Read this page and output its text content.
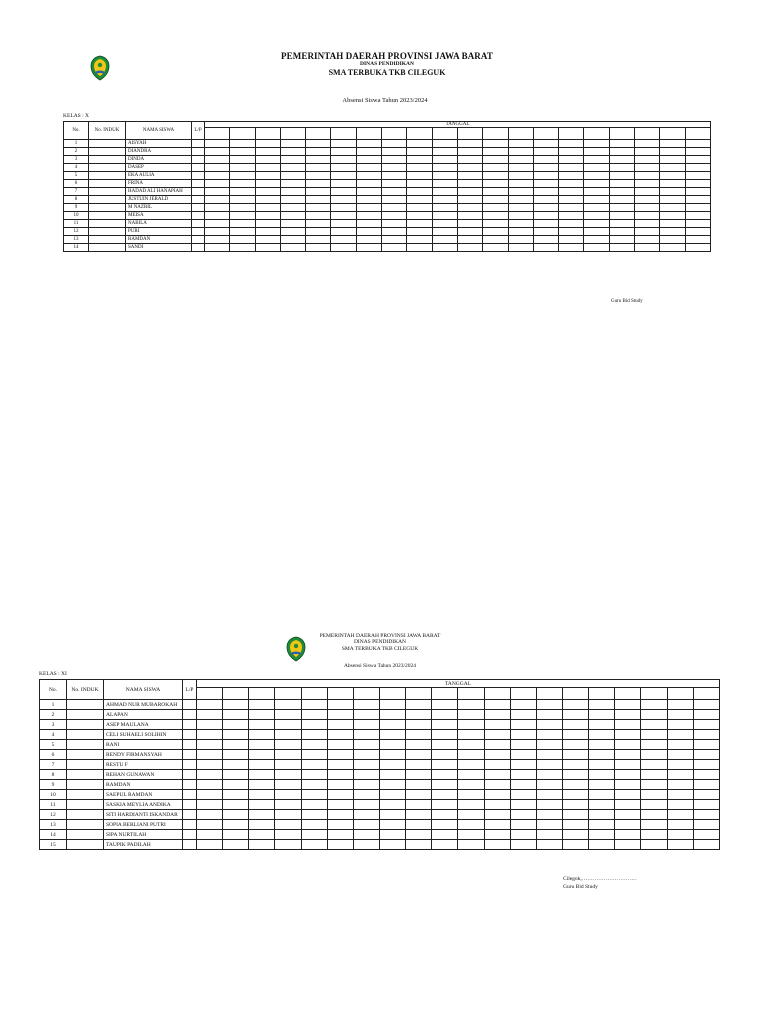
PEMERINTAH DAERAH PROVINSI JAWA BARAT
DINAS PENDIDIKAN
SMA TERBUKA TKB CILEGUK
Absensi Siswa Tahun 2023/2024
KELAS : X
No.	No. INDUK	NAMA SISWA	L/P	TANGGAL																			

1		AISYAH																					
2		DIANDRA																					
3		DINDA																					
4		DASEP																					
5		EKA AULIA																					
6		FRINA																					
7		HADAD ALI HANAPIAH																					
8		JUSTUIN JERALD																					
9		M NAZRIL																					
10		MEISA																					
11		NABILA																					
12		PURI																					
13		RAMDAN																					
14		SANDI																					
Guru Bid Study
PEMERINTAH DAERAH PROVINSI JAWA BARAT
DINAS PENDIDIKAN
SMA TERBUKA TKB CILEGUK
Absensi Siswa Tahun 2023/2024
KELAS : XI
No.	No. INDUK	NAMA SISWA	L/P	TANGGAL																			

1		AHMAD NUR MUBAROKAH																					
2		ALAPAN																					
3		ASEP MAULANA																					
4		CELI SUHAELI SOLIHIN																					
5		RANI																					
6		RENDY FIRMANSYAH																					
7		RESTU F																					
8		REHAN GUNAWAN																					
9		RAMDAN																					
10		SAEPUL RAMDAN																					
11		SASKIA MEYLIA ANDIKA																					
12		SITI HARDIANTI ISKANDAR																					
13		SOPIA BERLIANI PUTRI																					
14		SIPA NURTILAH																					
15		TAUPIK PADILAH																					
Cilegok,…………………………
Guru Bid Study
